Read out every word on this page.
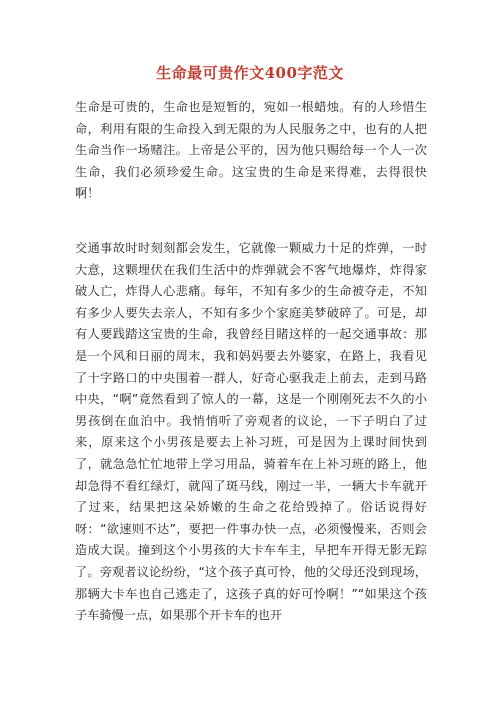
生命最可贵作文400字范文

生命是可贵的，生命也是短暂的，宛如一根蜡烛。有的人珍惜生命，利用有限的生命投入到无限的为人民服务之中，也有的人把生命当作一场赌注。上帝是公平的，因为他只赐给每一个人一次生命，我们必须珍爱生命。这宝贵的生命是来得难，去得很快啊！

交通事故时时刻刻都会发生，它就像一颗威力十足的炸弹，一时大意，这颗埋伏在我们生活中的炸弹就会不客气地爆炸，炸得家破人亡，炸得人心悲痛。每年，不知有多少的生命被夺走，不知有多少人要失去亲人，不知有多少个家庭美梦破碎了。可是，却有人要践踏这宝贵的生命，我曾经目睹这样的一起交通事故：那是一个风和日丽的周末，我和妈妈要去外婆家，在路上，我看见了十字路口的中央围着一群人，好奇心驱我走上前去，走到马路中央，“啊”竟然看到了惊人的一幕，这是一个刚刚死去不久的小男孩倒在血泊中。我悄悄听了旁观者的议论，一下子明白了过来，原来这个小男孩是要去上补习班，可是因为上课时间快到了，就急急忙忙地带上学习用品，骑着车在上补习班的路上，他却急得不看红绿灯，就闯了斑马线，刚过一半，一辆大卡车就开了过来，结果把这朵娇嫩的生命之花给毁掉了。俗话说得好呀：“欲速则不达”，要把一件事办快一点，必须慢慢来，否则会造成大误。撞到这个小男孩的大卡车车主，早把车开得无影无踪了。旁观者议论纷纷，“这个孩子真可怜，他的父母还没到现场，那辆大卡车也自己逃走了，这孩子真的好可怜啊！”“如果这个孩子车骑慢一点，如果那个开卡车的也开
